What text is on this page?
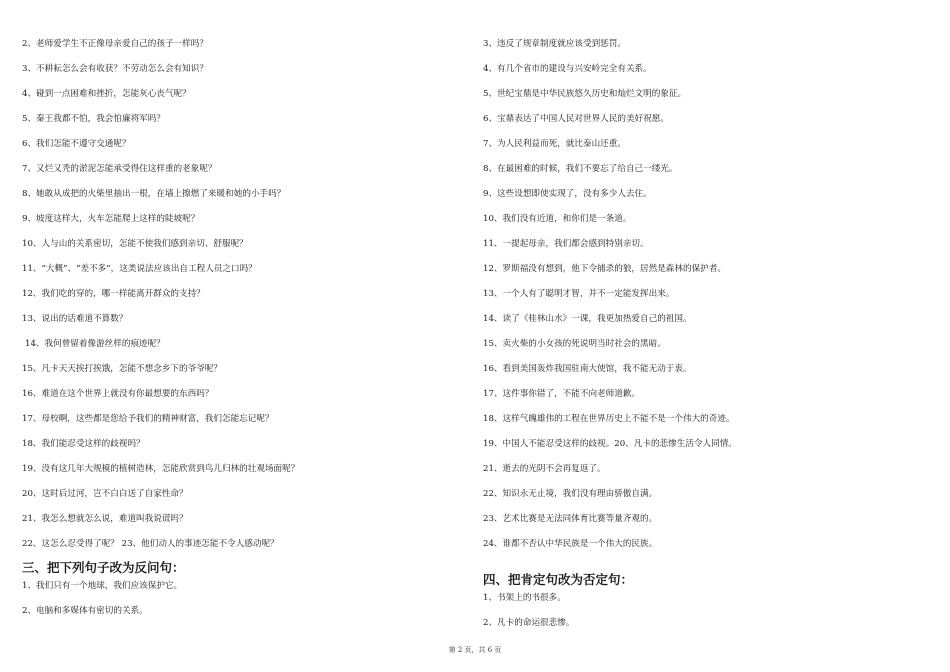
2、老师爱学生不正像母亲爱自己的孩子一样吗？
3、不耕耘怎么会有收获？不劳动怎么会有知识？
4、碰到一点困难和挫折，怎能灰心丧气呢？
5、秦王我都不怕，我会怕廉将军吗？
6、我们怎能不遵守交通呢？
7、又烂又秃的淤泥怎能承受得住这样重的老象呢？
8、她敢从成把的火柴里抽出一根，在墙上擦燃了来暖和她的小手吗？
9、坡度这样大，火车怎能爬上这样的陡坡呢？
10、人与山的关系密切，怎能不使我们感到亲切、舒服呢？
11、“大概”、“差不多”，这类说法应该出自工程人员之口吗？
12、我们吃的穿的，哪一样能离开群众的支持？
13、说出的话难道不算数？
14、我何曾留着像游丝样的痕迹呢？
15、凡卡天天挨打挨饿，怎能不想念乡下的爷爷呢？
16、难道在这个世界上就没有你最想要的东西吗？
17、母校啊，这些都是您给予我们的精神财富，我们怎能忘记呢？
18、我们能忍受这样的歧视吗？
19、没有这几年大规模的植树造林，怎能欣赏到鸟儿归林的壮观场面呢？
20、这时后过河，岂不白白送了自家性命？
21、我怎么想就怎么说，难道叫我说谎吗？
22、这怎么忍受得了呢？ 23、他们动人的事迹怎能不令人感动呢？
三、把下列句子改为反问句：
1、我们只有一个地球，我们应该保护它。
2、电脑和多媒体有密切的关系。
3、违反了规章制度就应该受到惩罚。
4、有几个省市的建设与兴安岭完全有关系。
5、世纪宝鼎是中华民族悠久历史和灿烂文明的象征。
6、宝鼎表达了中国人民对世界人民的美好祝愿。
7、为人民利益而死，就比泰山还重。
8、在最困难的时候，我们不要忘了给自己一缕光。
9、这些设想即使实现了，没有多少人去住。
10、我们没有近道，和你们是一条道。
11、一提起母亲，我们都会感到特别亲切。
12、罗斯福没有想到，他下令捕杀的狼，居然是森林的保护者。
13、一个人有了聪明才智，并不一定能发挥出来。
14、读了《桂林山水》一课，我更加热爱自己的祖国。
15、卖火柴的小女孩的死说明当时社会的黑暗。
16、看到美国轰炸我国驻南大使馆，我不能无动于衷。
17、这件事你错了，不能不向老师道歉。
18、这样气魄雄伟的工程在世界历史上不能不是一个伟大的奇迹。
19、中国人不能忍受这样的歧视。20、凡卡的悲惨生活令人同情。
21、逝去的光阴不会再复返了。
22、知识永无止境，我们没有理由骄傲自满。
23、艺术比赛是无法同体育比赛等量齐观的。
24、谁都不否认中华民族是一个伟大的民族。
四、把肯定句改为否定句：
1、书架上的书很多。
2、凡卡的命运很悲惨。
第 2 页，共 6 页
